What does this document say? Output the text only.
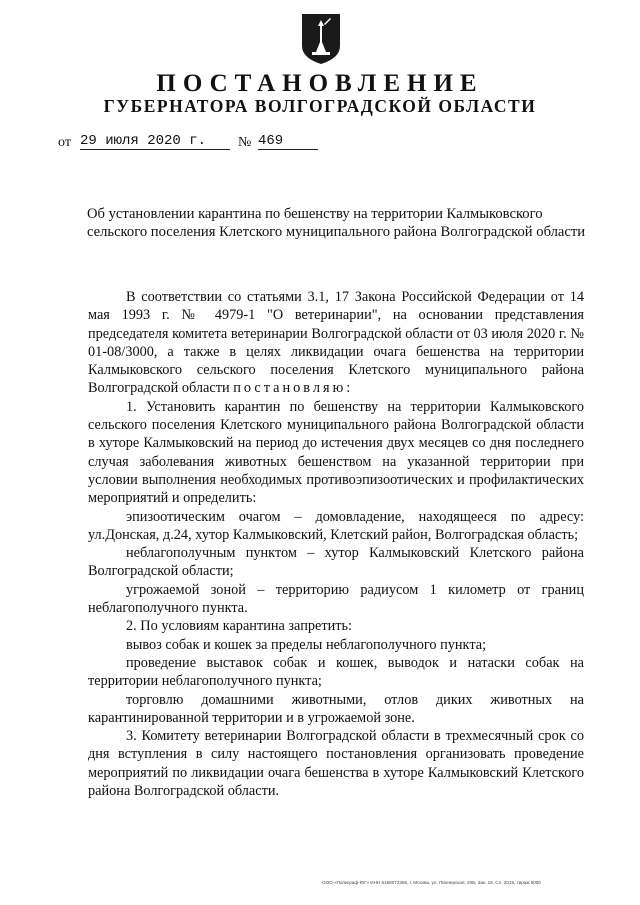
ПОСТАНОВЛЕНИЕ
ГУБЕРНАТОРА ВОЛГОГРАДСКОЙ ОБЛАСТИ
от 29 июля 2020 г.	№ 469
Об установлении карантина по бешенству на территории Калмыковского сельского поселения Клетского муниципального района Волгоградской области

В соответствии со статьями 3.1, 17 Закона Российской Федерации от 14 мая 1993 г. № 4979-1 "О ветеринарии", на основании представления председателя комитета ветеринарии Волгоградской области от 03 июля 2020 г. № 01-08/3000, а также в целях ликвидации очага бешенства на территории Калмыковского сельского поселения Клетского муниципального района Волгоградской области постановляю:

1. Установить карантин по бешенству на территории Калмыковского сельского поселения Клетского муниципального района Волгоградской области в хуторе Калмыковский на период до истечения двух месяцев со дня последнего случая заболевания животных бешенством на указанной территории при условии выполнения необходимых противоэпизоотических и профилактических мероприятий и определить:

эпизоотическим очагом – домовладение, находящееся по адресу: ул.Донская, д.24, хутор Калмыковский, Клетский район, Волгоградская область;

неблагополучным пунктом – хутор Калмыковский Клетского района Волгоградской области;

угрожаемой зоной – территорию радиусом 1 километр от границ неблагополучного пункта.

2. По условиям карантина запретить:

вывоз собак и кошек за пределы неблагополучного пункта;

проведение выставок собак и кошек, выводок и натаски собак на территории неблагополучного пункта;

торговлю домашними животными, отлов диких животных на карантинированной территории и в угрожаемой зоне.

3. Комитету ветеринарии Волгоградской области в трехмесячный срок со дня вступления в силу настоящего постановления организовать проведение мероприятий по ликвидации очага бешенства в хуторе Калмыковский Клетского района Волгоградской области.

ООО «Полиграф-ЮГ» ИНН 6168072366, г. Москва, ул. Пионерская, 20Б, Зак. 19, Сл. 2015, тираж 5000
